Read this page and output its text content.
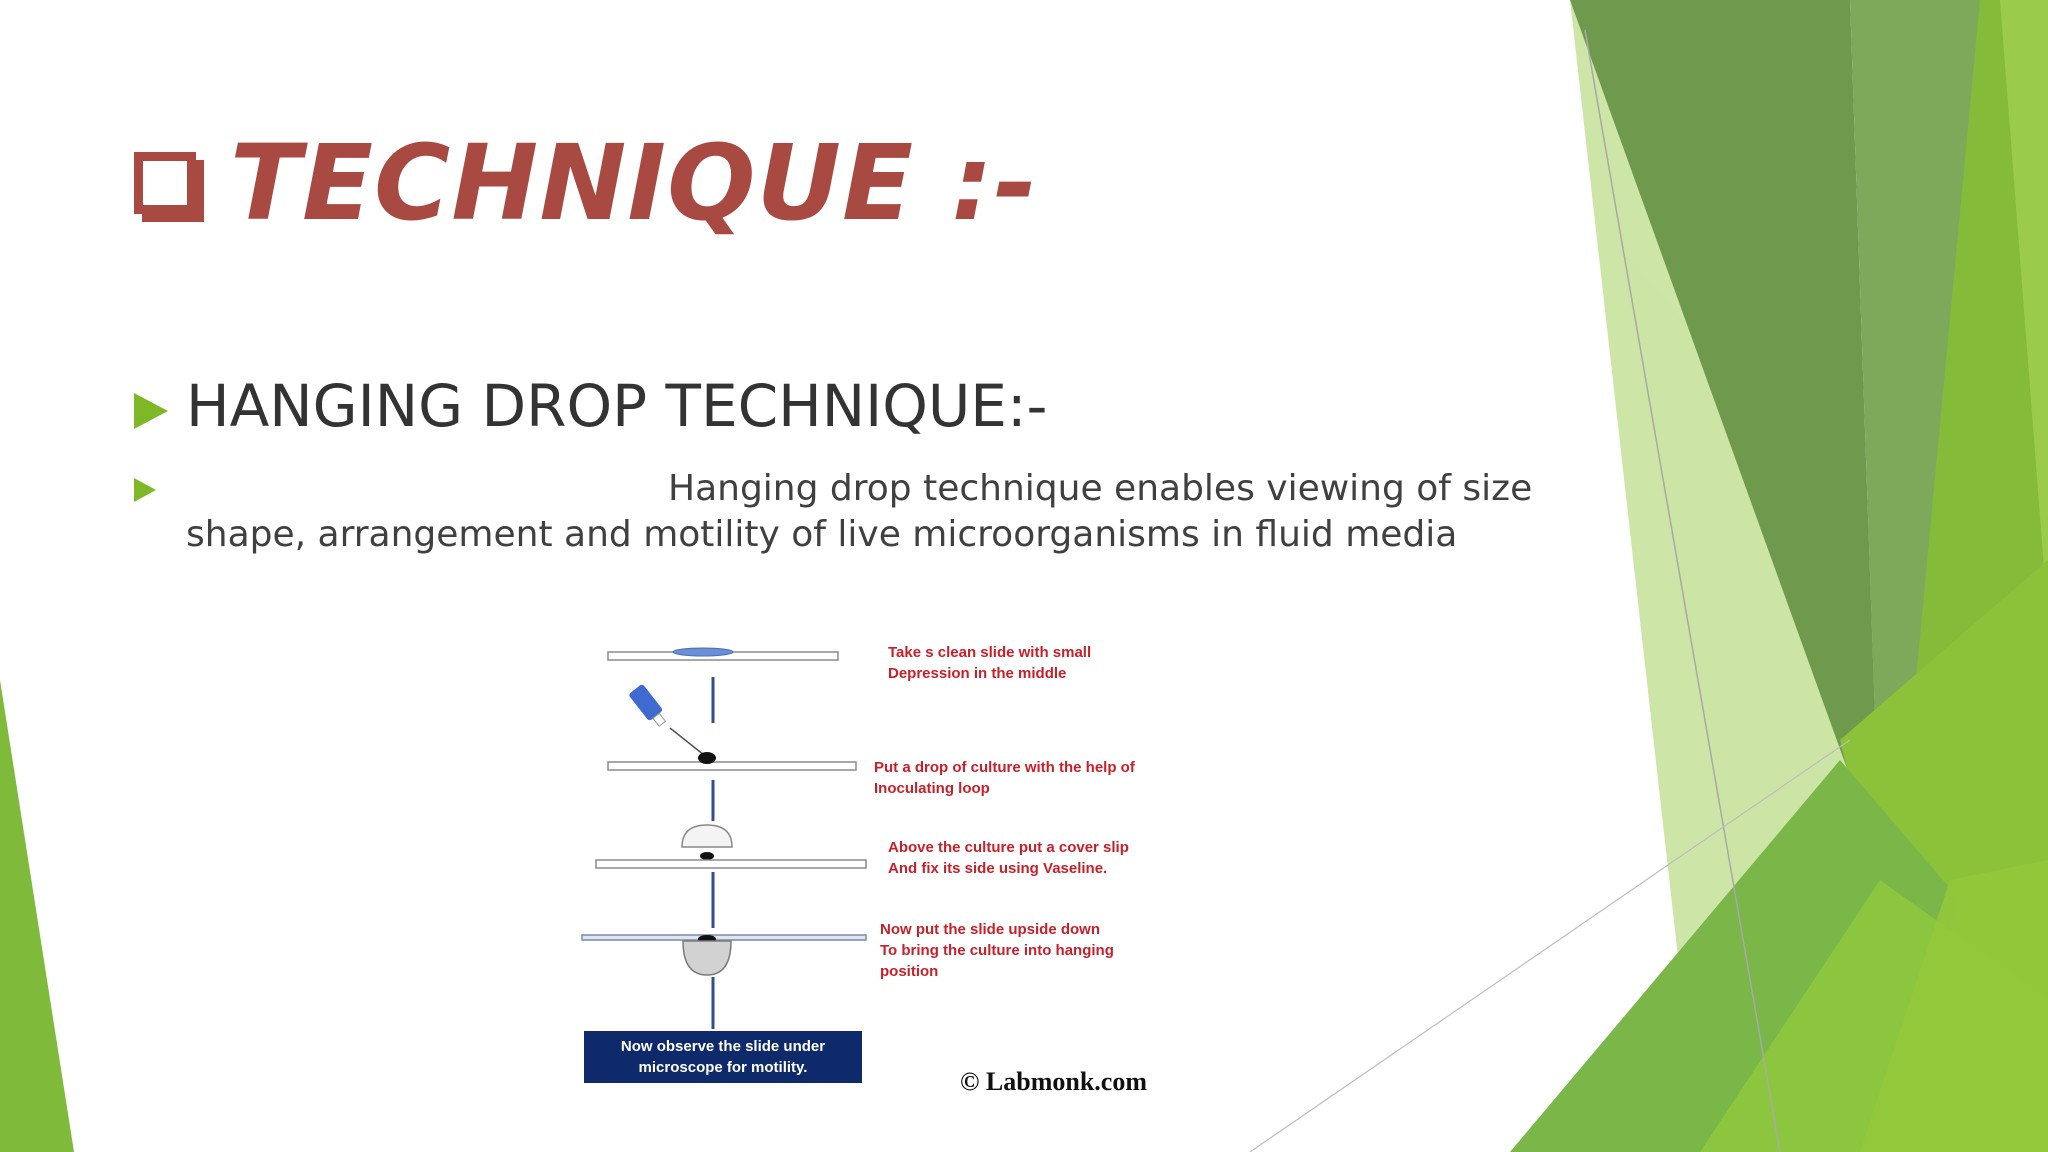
TECHNIQUE :-
HANGING DROP TECHNIQUE:-
Hanging drop technique enables viewing of size
shape, arrangement and motility of live microorganisms in fluid media
Take s clean slide with small
Depression in the middle
Put a drop of culture with the help of
Inoculating loop
Above the culture put a cover slip
And fix its side using Vaseline.
Now put the slide upside down
To bring the culture into hanging
position
Now observe the slide under
microscope for motility.	© Labmonk.com
